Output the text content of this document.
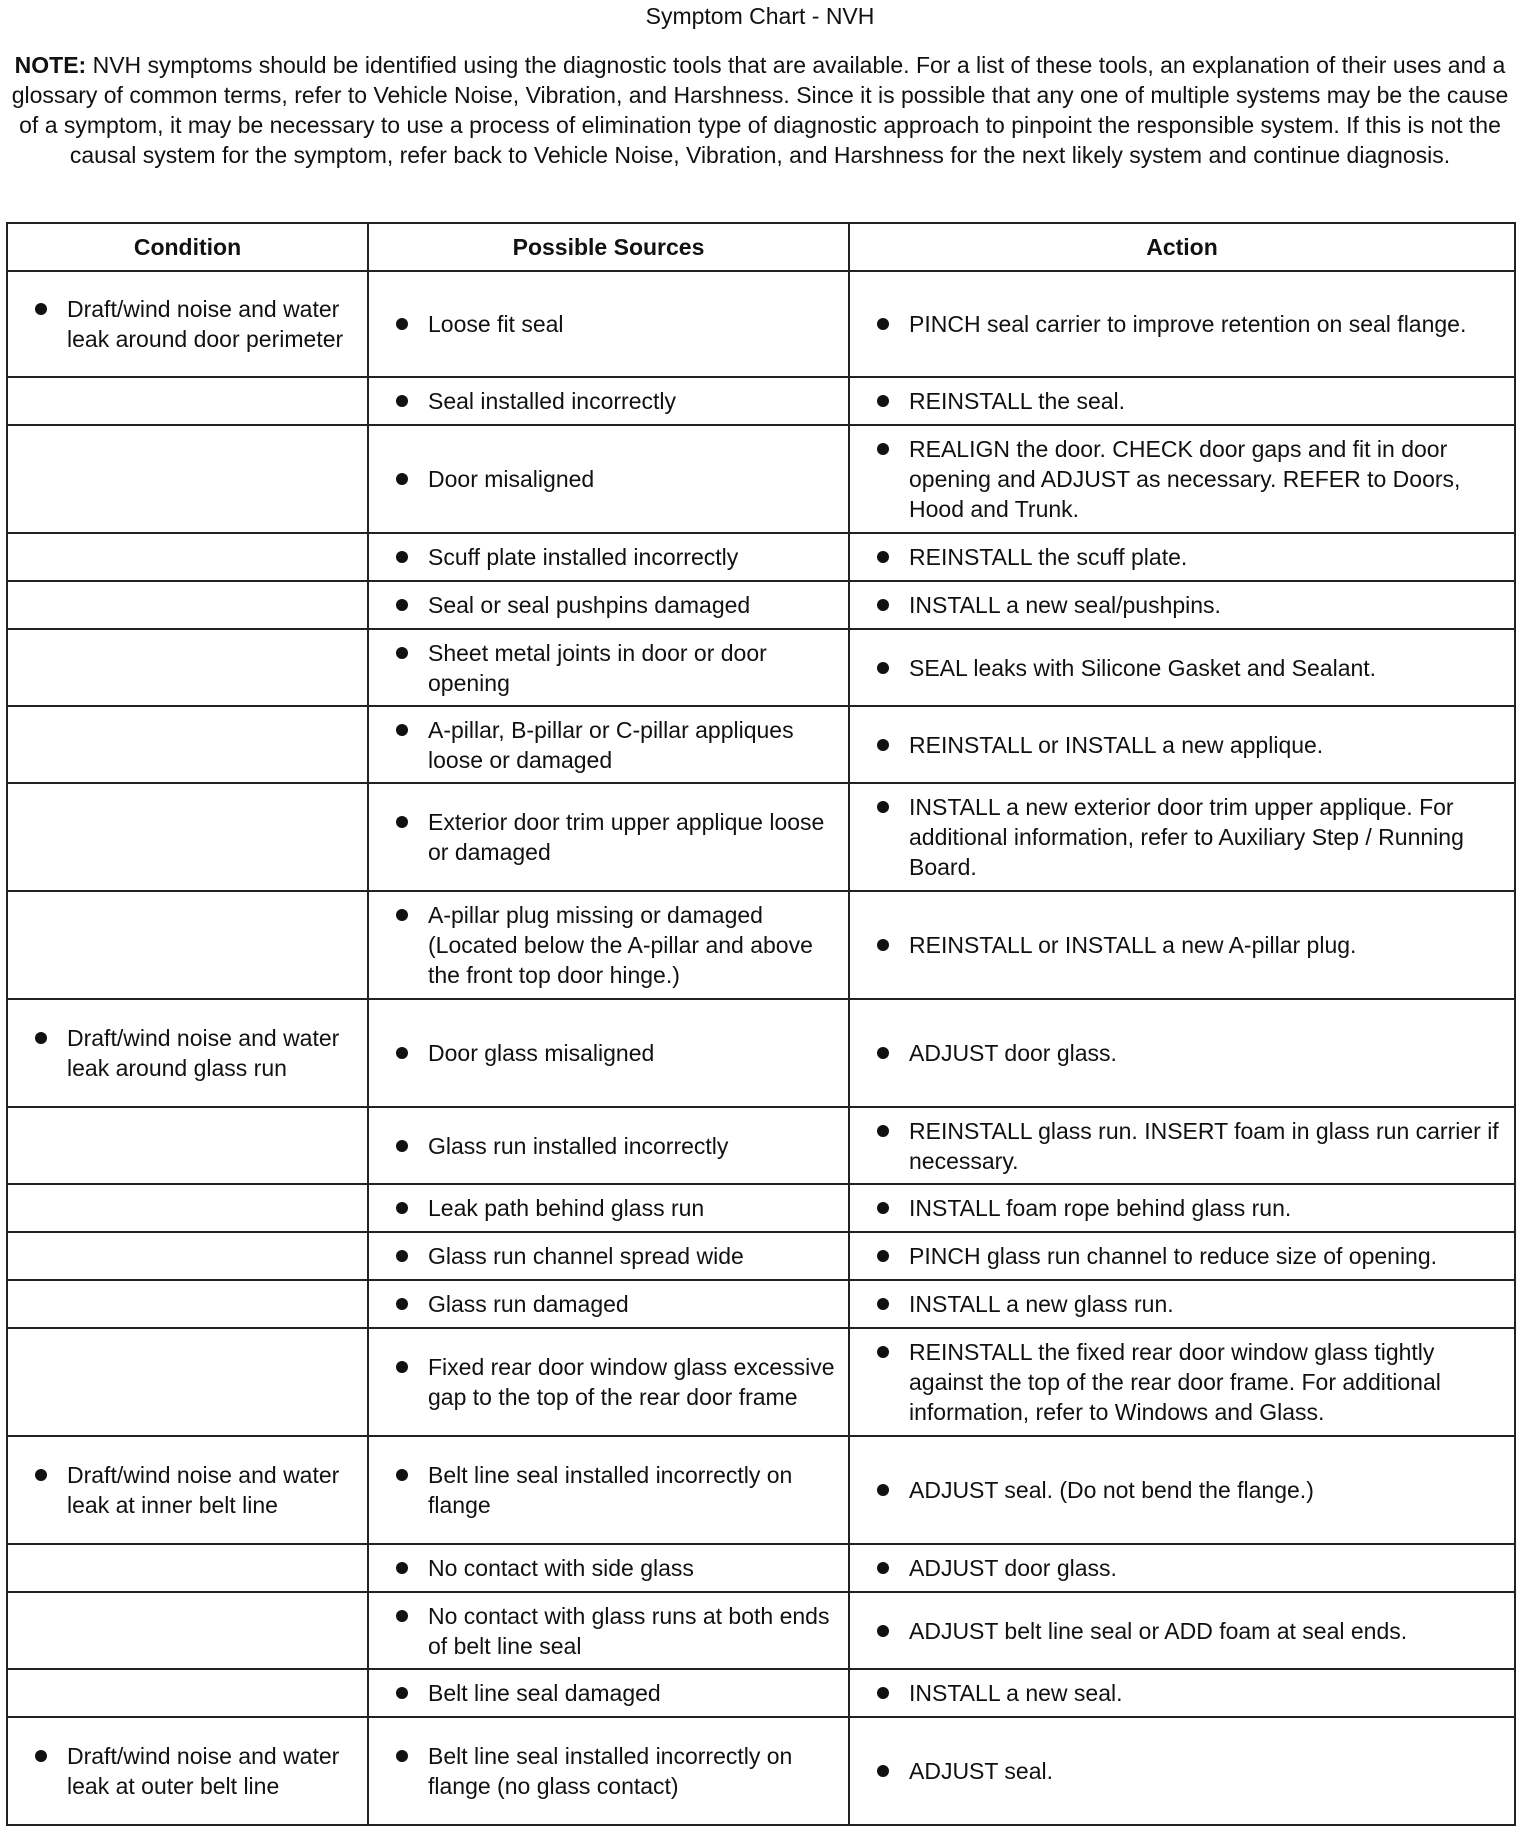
Symptom Chart - NVH
NOTE: NVH symptoms should be identified using the diagnostic tools that are available. For a list of these tools, an explanation of their uses and a glossary of common terms, refer to Vehicle Noise, Vibration, and Harshness. Since it is possible that any one of multiple systems may be the cause of a symptom, it may be necessary to use a process of elimination type of diagnostic approach to pinpoint the responsible system. If this is not the causal system for the symptom, refer back to Vehicle Noise, Vibration, and Harshness for the next likely system and continue diagnosis.
Condition	Possible Sources	Action

Draft/wind noise and water leak around door perimeter	Loose fit seal	PINCH seal carrier to improve retention on seal flange.

	Seal installed incorrectly	REINSTALL the seal.

	Door misaligned	REALIGN the door. CHECK door gaps and fit in door opening and ADJUST as necessary. REFER to Doors, Hood and Trunk.

	Scuff plate installed incorrectly	REINSTALL the scuff plate.

	Seal or seal pushpins damaged	INSTALL a new seal/pushpins.

	Sheet metal joints in door or door opening	SEAL leaks with Silicone Gasket and Sealant.

	A-pillar, B-pillar or C-pillar appliques loose or damaged	REINSTALL or INSTALL a new applique.

	Exterior door trim upper applique loose or damaged	INSTALL a new exterior door trim upper applique. For additional information, refer to Auxiliary Step / Running Board.

	A-pillar plug missing or damaged (Located below the A-pillar and above the front top door hinge.)	REINSTALL or INSTALL a new A-pillar plug.

Draft/wind noise and water leak around glass run	Door glass misaligned	ADJUST door glass.

	Glass run installed incorrectly	REINSTALL glass run. INSERT foam in glass run carrier if necessary.

	Leak path behind glass run	INSTALL foam rope behind glass run.

	Glass run channel spread wide	PINCH glass run channel to reduce size of opening.

	Glass run damaged	INSTALL a new glass run.

	Fixed rear door window glass excessive gap to the top of the rear door frame	REINSTALL the fixed rear door window glass tightly against the top of the rear door frame. For additional information, refer to Windows and Glass.

Draft/wind noise and water leak at inner belt line	Belt line seal installed incorrectly on flange	ADJUST seal. (Do not bend the flange.)

	No contact with side glass	ADJUST door glass.

	No contact with glass runs at both ends of belt line seal	ADJUST belt line seal or ADD foam at seal ends.

	Belt line seal damaged	INSTALL a new seal.

Draft/wind noise and water leak at outer belt line	Belt line seal installed incorrectly on flange (no glass contact)	ADJUST seal.
